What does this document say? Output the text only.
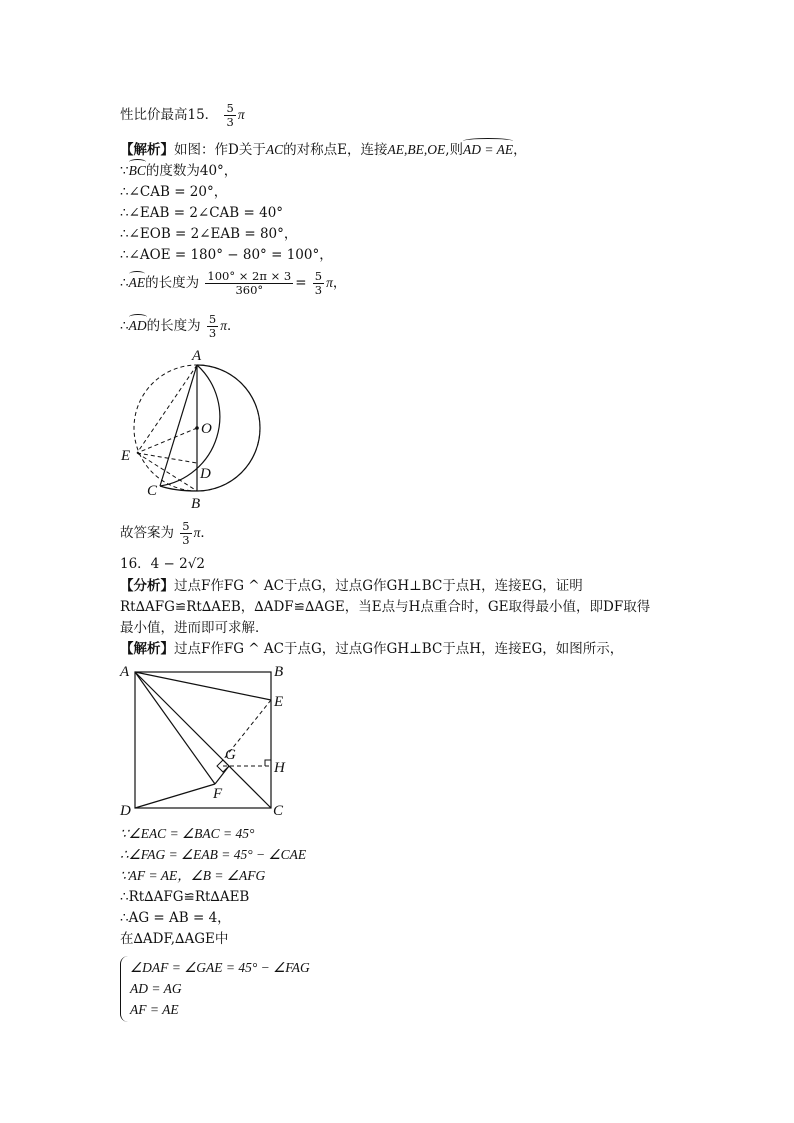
性比价最高15． $\frac{5}{3}$ π
【解析】如图：作D关于AC的对称点E，连接AE,BE,OE,则AD = AE，
∵BC的度数为40°，
∴∠CAB = 20°，
∴∠EAB = 2∠CAB = 40°
∴∠EOB = 2∠EAB = 80°，
∴∠AOE = 180° − 80° = 100°，
∴AE的长度为 $\frac{100^\circ \times 2\pi \times 3}{360^\circ} = \frac{5}{3}$ π，
∴AD的长度为 $\frac{5}{3}$ π．
A
O
E
D
C
B
故答案为 $\frac{5}{3}$ π．
16．4 − 2√2
【分析】过点F作FG ^ AC于点G，过点G作GH⊥BC于点H，连接EG，证明
Rt∆AFG≌Rt∆AEB，∆ADF≌∆AGE，当E点与H点重合时，GE取得最小值，即DF取得
最小值，进而即可求解．
【解析】过点F作FG ^ AC于点G，过点G作GH⊥BC于点H，连接EG，如图所示，
A	B
E
G
H
F
D	C
∵∠EAC = ∠BAC = 45°
∴∠FAG = ∠EAB = 45° − ∠CAE
∵AF = AE，∠B = ∠AFG
∴Rt∆AFG≌Rt∆AEB
∴AG = AB = 4，
在∆ADF,∆AGE中
∠DAF = ∠GAE = 45° − ∠FAG
AD = AG
AF = AE
